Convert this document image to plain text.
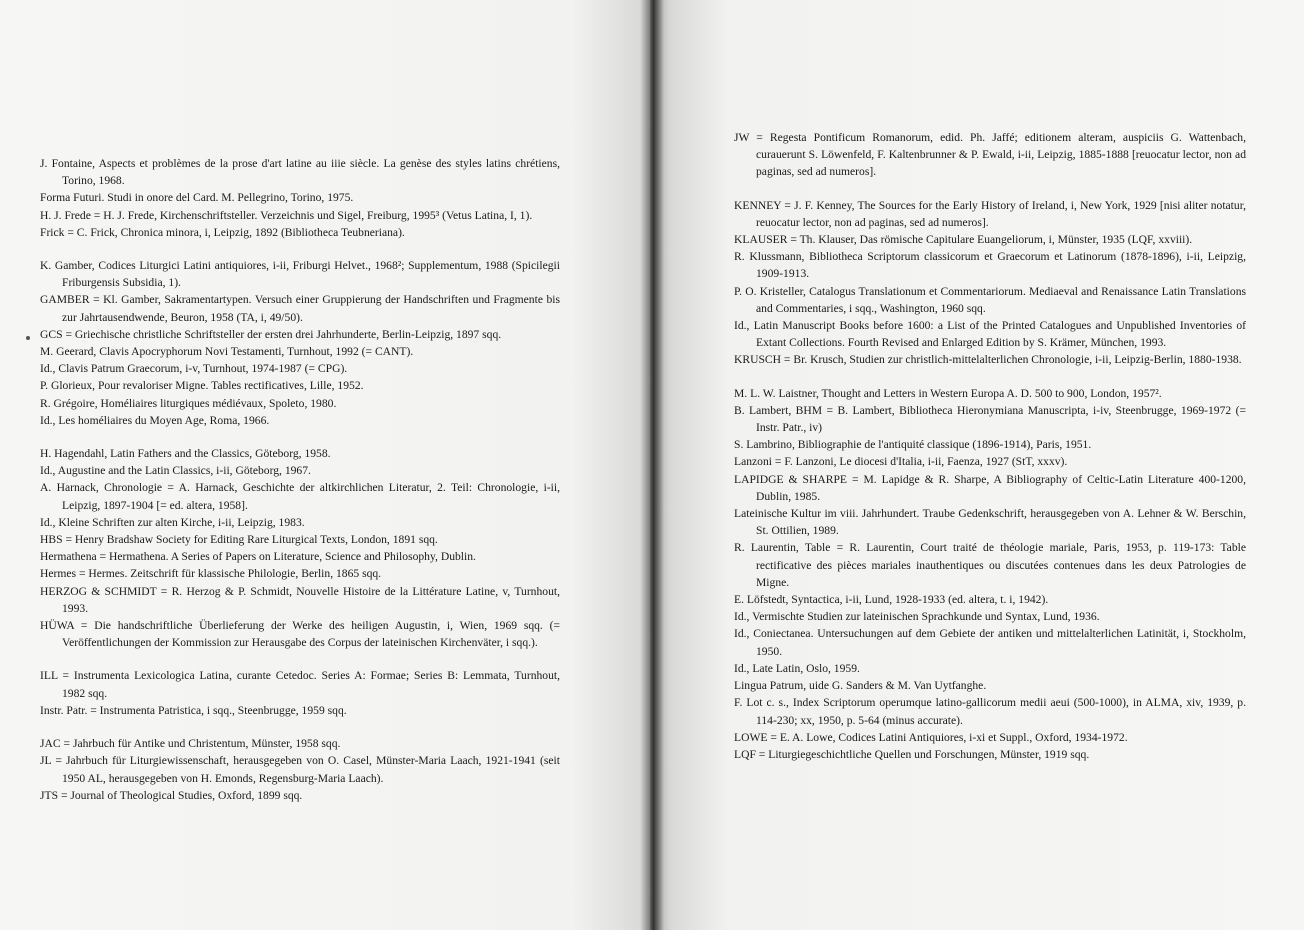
J. Fontaine, Aspects et problèmes de la prose d'art latine au iiie siècle. La genèse des styles latins chrétiens, Torino, 1968.

Forma Futuri. Studi in onore del Card. M. Pellegrino, Torino, 1975.

H. J. Frede = H. J. Frede, Kirchenschriftsteller. Verzeichnis und Sigel, Freiburg, 1995³ (Vetus Latina, I, 1).

Frick = C. Frick, Chronica minora, i, Leipzig, 1892 (Bibliotheca Teubneriana).

K. Gamber, Codices Liturgici Latini antiquiores, i-ii, Friburgi Helvet., 1968²; Supplementum, 1988 (Spicilegii Friburgensis Subsidia, 1).

GAMBER = Kl. Gamber, Sakramentartypen. Versuch einer Gruppierung der Handschriften und Fragmente bis zur Jahrtausendwende, Beuron, 1958 (TA, i, 49/50).

GCS = Griechische christliche Schriftsteller der ersten drei Jahrhunderte, Berlin-Leipzig, 1897 sqq.

M. Geerard, Clavis Apocryphorum Novi Testamenti, Turnhout, 1992 (= CANT).

Id., Clavis Patrum Graecorum, i-v, Turnhout, 1974-1987 (= CPG).

P. Glorieux, Pour revaloriser Migne. Tables rectificatives, Lille, 1952.

R. Grégoire, Homéliaires liturgiques médiévaux, Spoleto, 1980.

Id., Les homéliaires du Moyen Age, Roma, 1966.

H. Hagendahl, Latin Fathers and the Classics, Göteborg, 1958.

Id., Augustine and the Latin Classics, i-ii, Göteborg, 1967.

A. Harnack, Chronologie = A. Harnack, Geschichte der altkirchlichen Literatur, 2. Teil: Chronologie, i-ii, Leipzig, 1897-1904 [= ed. altera, 1958].

Id., Kleine Schriften zur alten Kirche, i-ii, Leipzig, 1983.

HBS = Henry Bradshaw Society for Editing Rare Liturgical Texts, London, 1891 sqq.

Hermathena = Hermathena. A Series of Papers on Literature, Science and Philosophy, Dublin.

Hermes = Hermes. Zeitschrift für klassische Philologie, Berlin, 1865 sqq.

HERZOG & SCHMIDT = R. Herzog & P. Schmidt, Nouvelle Histoire de la Littérature Latine, v, Turnhout, 1993.

HÜWA = Die handschriftliche Überlieferung der Werke des heiligen Augustin, i, Wien, 1969 sqq. (= Veröffentlichungen der Kommission zur Herausgabe des Corpus der lateinischen Kirchenväter, i sqq.).

ILL = Instrumenta Lexicologica Latina, curante Cetedoc. Series A: Formae; Series B: Lemmata, Turnhout, 1982 sqq.

Instr. Patr. = Instrumenta Patristica, i sqq., Steenbrugge, 1959 sqq.

JAC = Jahrbuch für Antike und Christentum, Münster, 1958 sqq.

JL = Jahrbuch für Liturgiewissenschaft, herausgegeben von O. Casel, Münster-Maria Laach, 1921-1941 (seit 1950 AL, herausgegeben von H. Emonds, Regensburg-Maria Laach).

JTS = Journal of Theological Studies, Oxford, 1899 sqq.

JW = Regesta Pontificum Romanorum, edid. Ph. Jaffé; editionem alteram, auspiciis G. Wattenbach, curauerunt S. Löwenfeld, F. Kaltenbrunner & P. Ewald, i-ii, Leipzig, 1885-1888 [reuocatur lector, non ad paginas, sed ad numeros].

KENNEY = J. F. Kenney, The Sources for the Early History of Ireland, i, New York, 1929 [nisi aliter notatur, reuocatur lector, non ad paginas, sed ad numeros].

KLAUSER = Th. Klauser, Das römische Capitulare Euangeliorum, i, Münster, 1935 (LQF, xxviii).

R. Klussmann, Bibliotheca Scriptorum classicorum et Graecorum et Latinorum (1878-1896), i-ii, Leipzig, 1909-1913.

P. O. Kristeller, Catalogus Translationum et Commentariorum. Mediaeval and Renaissance Latin Translations and Commentaries, i sqq., Washington, 1960 sqq.

Id., Latin Manuscript Books before 1600: a List of the Printed Catalogues and Unpublished Inventories of Extant Collections. Fourth Revised and Enlarged Edition by S. Krämer, München, 1993.

KRUSCH = Br. Krusch, Studien zur christlich-mittelalterlichen Chronologie, i-ii, Leipzig-Berlin, 1880-1938.

M. L. W. Laistner, Thought and Letters in Western Europa A. D. 500 to 900, London, 1957².

B. Lambert, BHM = B. Lambert, Bibliotheca Hieronymiana Manuscripta, i-iv, Steenbrugge, 1969-1972 (= Instr. Patr., iv)

S. Lambrino, Bibliographie de l'antiquité classique (1896-1914), Paris, 1951.

Lanzoni = F. Lanzoni, Le diocesi d'Italia, i-ii, Faenza, 1927 (StT, xxxv).

LAPIDGE & SHARPE = M. Lapidge & R. Sharpe, A Bibliography of Celtic-Latin Literature 400-1200, Dublin, 1985.

Lateinische Kultur im viii. Jahrhundert. Traube Gedenkschrift, herausgegeben von A. Lehner & W. Berschin, St. Ottilien, 1989.

R. Laurentin, Table = R. Laurentin, Court traité de théologie mariale, Paris, 1953, p. 119-173: Table rectificative des pièces mariales inauthentiques ou discutées contenues dans les deux Patrologies de Migne.

E. Löfstedt, Syntactica, i-ii, Lund, 1928-1933 (ed. altera, t. i, 1942).

Id., Vermischte Studien zur lateinischen Sprachkunde und Syntax, Lund, 1936.

Id., Coniectanea. Untersuchungen auf dem Gebiete der antiken und mittelalterlichen Latinität, i, Stockholm, 1950.

Id., Late Latin, Oslo, 1959.

Lingua Patrum, uide G. Sanders & M. Van Uytfanghe.

F. Lot c. s., Index Scriptorum operumque latino-gallicorum medii aeui (500-1000), in ALMA, xiv, 1939, p. 114-230; xx, 1950, p. 5-64 (minus accurate).

LOWE = E. A. Lowe, Codices Latini Antiquiores, i-xi et Suppl., Oxford, 1934-1972.

LQF = Liturgiegeschichtliche Quellen und Forschungen, Münster, 1919 sqq.
